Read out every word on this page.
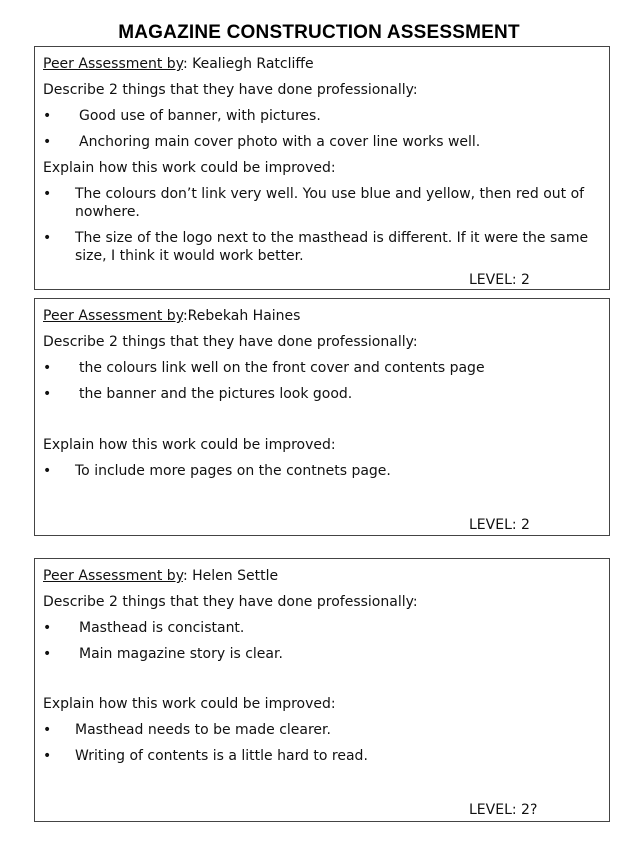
MAGAZINE CONSTRUCTION ASSESSMENT
Peer Assessment by: Kealiegh Ratcliffe
Describe 2 things that they have done professionally:
• Good use of banner, with pictures.
• Anchoring main cover photo with a cover line works well.
Explain how this work could be improved:
• The colours don’t link very well. You use blue and yellow, then red out of
nowhere.
• The size of the logo next to the masthead is different. If it were the same
size, I think it would work better.
LEVEL: 2
Peer Assessment by:Rebekah Haines
Describe 2 things that they have done professionally:
• the colours link well on the front cover and contents page
• the banner and the pictures look good.
Explain how this work could be improved:
• To include more pages on the contnets page.
LEVEL: 2
Peer Assessment by: Helen Settle
Describe 2 things that they have done professionally:
• Masthead is concistant.
• Main magazine story is clear.
Explain how this work could be improved:
• Masthead needs to be made clearer.
• Writing of contents is a little hard to read.
LEVEL: 2?
